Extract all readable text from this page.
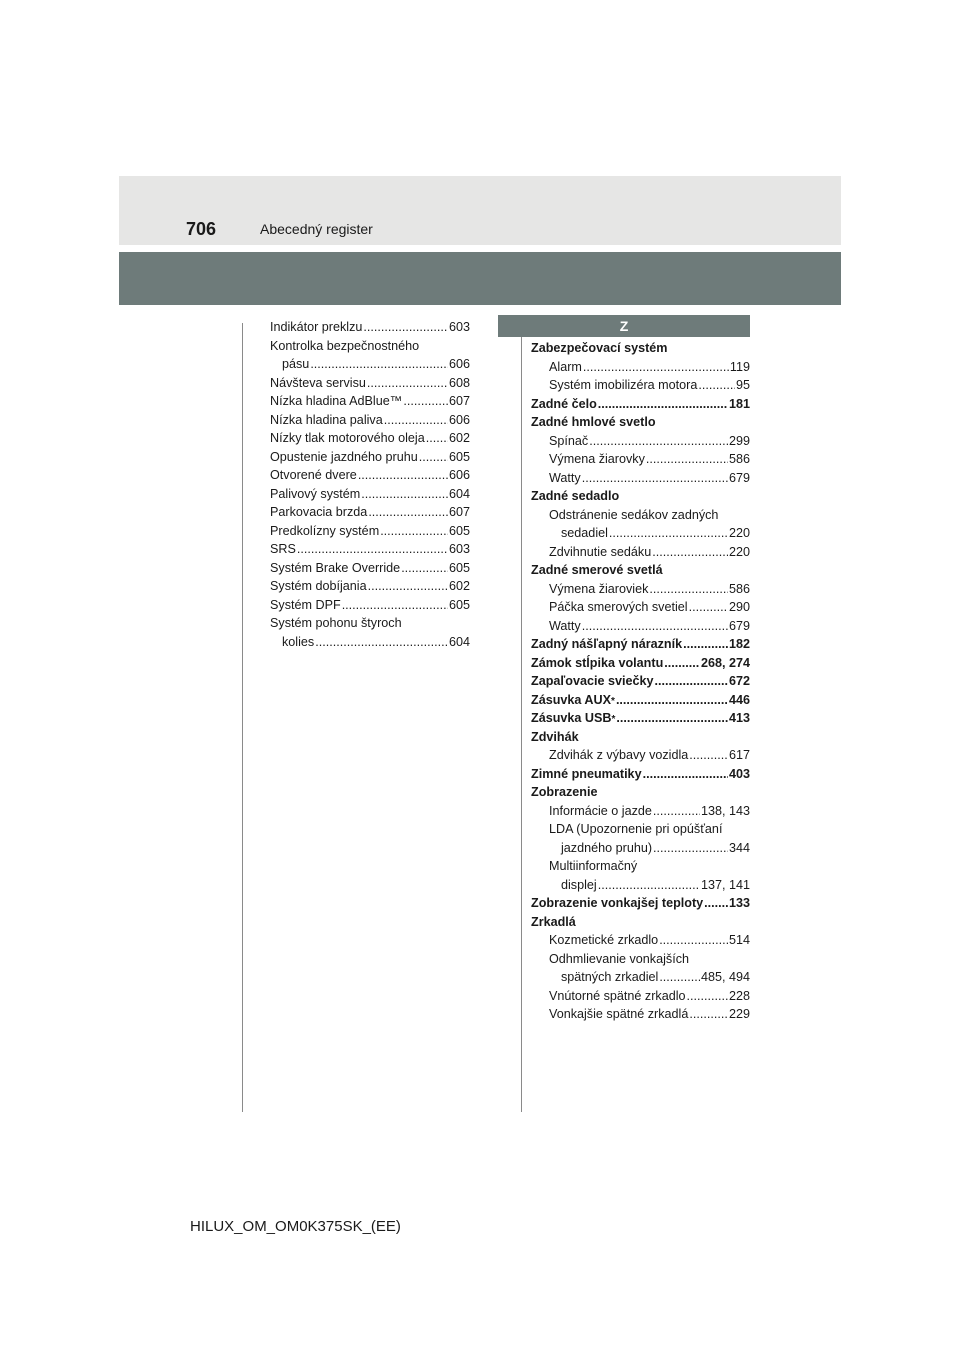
706	Abecedný register
Indikátor preklzu .....	603
Kontrolka bezpečnostného
pásu .....	606
Návšteva servisu .....	608
Nízka hladina AdBlue™ .....	607
Nízka hladina paliva .....	606
Nízky tlak motorového oleja ..... 602
Opustenie jazdného pruhu ..... 605
Otvorené dvere .....	606
Palivový systém .....	604
Parkovacia brzda .....	607
Predkolízny systém .....	605
SRS .....	603
Systém Brake Override .....	605
Systém dobíjania .....	602
Systém DPF .....	605
Systém pohonu štyroch
kolies .....	604
Z
Zabezpečovací systém
Alarm .....	119
Systém imobilizéra motora .....	95
Zadné čelo .....	181
Zadné hmlové svetlo
Spínač .....	299
Výmena žiarovky .....	586
Watty .....	679
Zadné sedadlo
Odstránenie sedákov zadných
sedadiel .....	220
Zdvihnutie sedáku .....	220
Zadné smerové svetlá
Výmena žiaroviek .....	586
Páčka smerových svetiel .....	290
Watty .....	679
Zadný nášľapný nárazník .....	182
Zámok stĺpika volantu .....	268, 274
Zapaľovacie sviečky .....	672
Zásuvka AUX * .....	446
Zásuvka USB * .....	413
Zdvihák
Zdvihák z výbavy vozidla .....	617
Zimné pneumatiky .....	403
Zobrazenie
Informácie o jazde .....	138, 143
LDA (Upozornenie pri opúšťaní
jazdného pruhu) .....	344
Multiinformačný
displej .....	137, 141
Zobrazenie vonkajšej teploty ..... 133
Zrkadlá
Kozmetické zrkadlo .....	514
Odhmlievanie vonkajších
spätných zrkadiel .....	485, 494
Vnútorné spätné zrkadlo .....	228
Vonkajšie spätné zrkadlá .....	229
HILUX_OM_OM0K375SK_(EE)
